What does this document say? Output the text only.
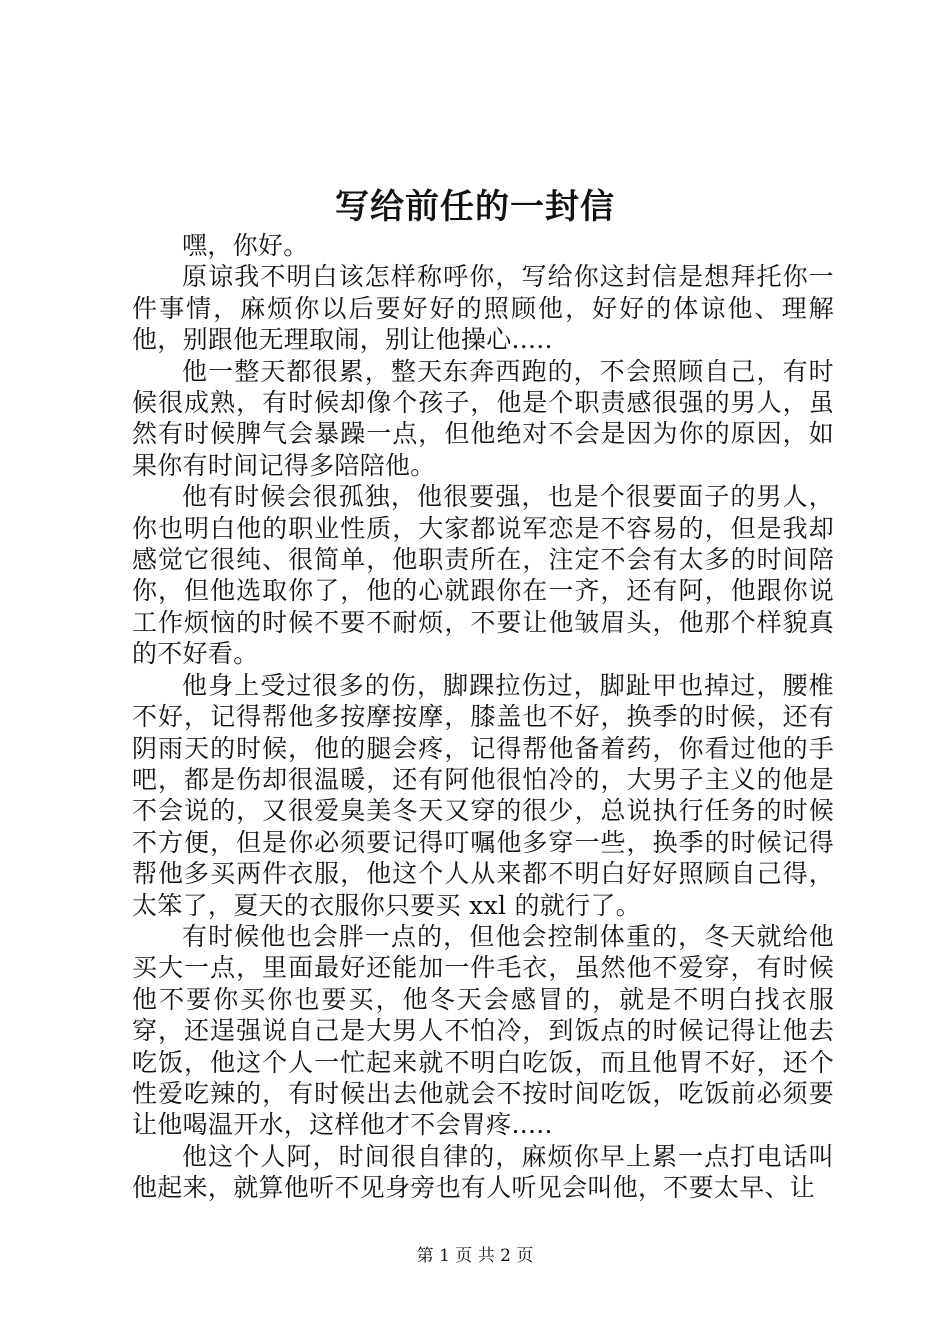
写给前任的一封信

嘿，你好。

原谅我不明白该怎样称呼你，写给你这封信是想拜托你一件事情，麻烦你以后要好好的照顾他，好好的体谅他、理解他，别跟他无理取闹，别让他操心.....

他一整天都很累，整天东奔西跑的，不会照顾自己，有时候很成熟，有时候却像个孩子，他是个职责感很强的男人，虽然有时候脾气会暴躁一点，但他绝对不会是因为你的原因，如果你有时间记得多陪陪他。

他有时候会很孤独，他很要强，也是个很要面子的男人，你也明白他的职业性质，大家都说军恋是不容易的，但是我却感觉它很纯、很简单，他职责所在，注定不会有太多的时间陪你，但他选取你了，他的心就跟你在一齐，还有阿，他跟你说工作烦恼的时候不要不耐烦，不要让他皱眉头，他那个样貌真的不好看。

他身上受过很多的伤，脚踝拉伤过，脚趾甲也掉过，腰椎不好，记得帮他多按摩按摩，膝盖也不好，换季的时候，还有阴雨天的时候，他的腿会疼，记得帮他备着药，你看过他的手吧，都是伤却很温暖，还有阿他很怕冷的，大男子主义的他是不会说的，又很爱臭美冬天又穿的很少，总说执行任务的时候不方便，但是你必须要记得叮嘱他多穿一些，换季的时候记得帮他多买两件衣服，他这个人从来都不明白好好照顾自己得，太笨了，夏天的衣服你只要买 xxl 的就行了。

有时候他也会胖一点的，但他会控制体重的，冬天就给他买大一点，里面最好还能加一件毛衣，虽然他不爱穿，有时候他不要你买你也要买，他冬天会感冒的，就是不明白找衣服穿，还逞强说自己是大男人不怕冷，到饭点的时候记得让他去吃饭，他这个人一忙起来就不明白吃饭，而且他胃不好，还个性爱吃辣的，有时候出去他就会不按时间吃饭，吃饭前必须要让他喝温开水，这样他才不会胃疼.....

他这个人阿，时间很自律的，麻烦你早上累一点打电话叫他起来，就算他听不见身旁也有人听见会叫他，不要太早、让

第 1 页 共 2 页
